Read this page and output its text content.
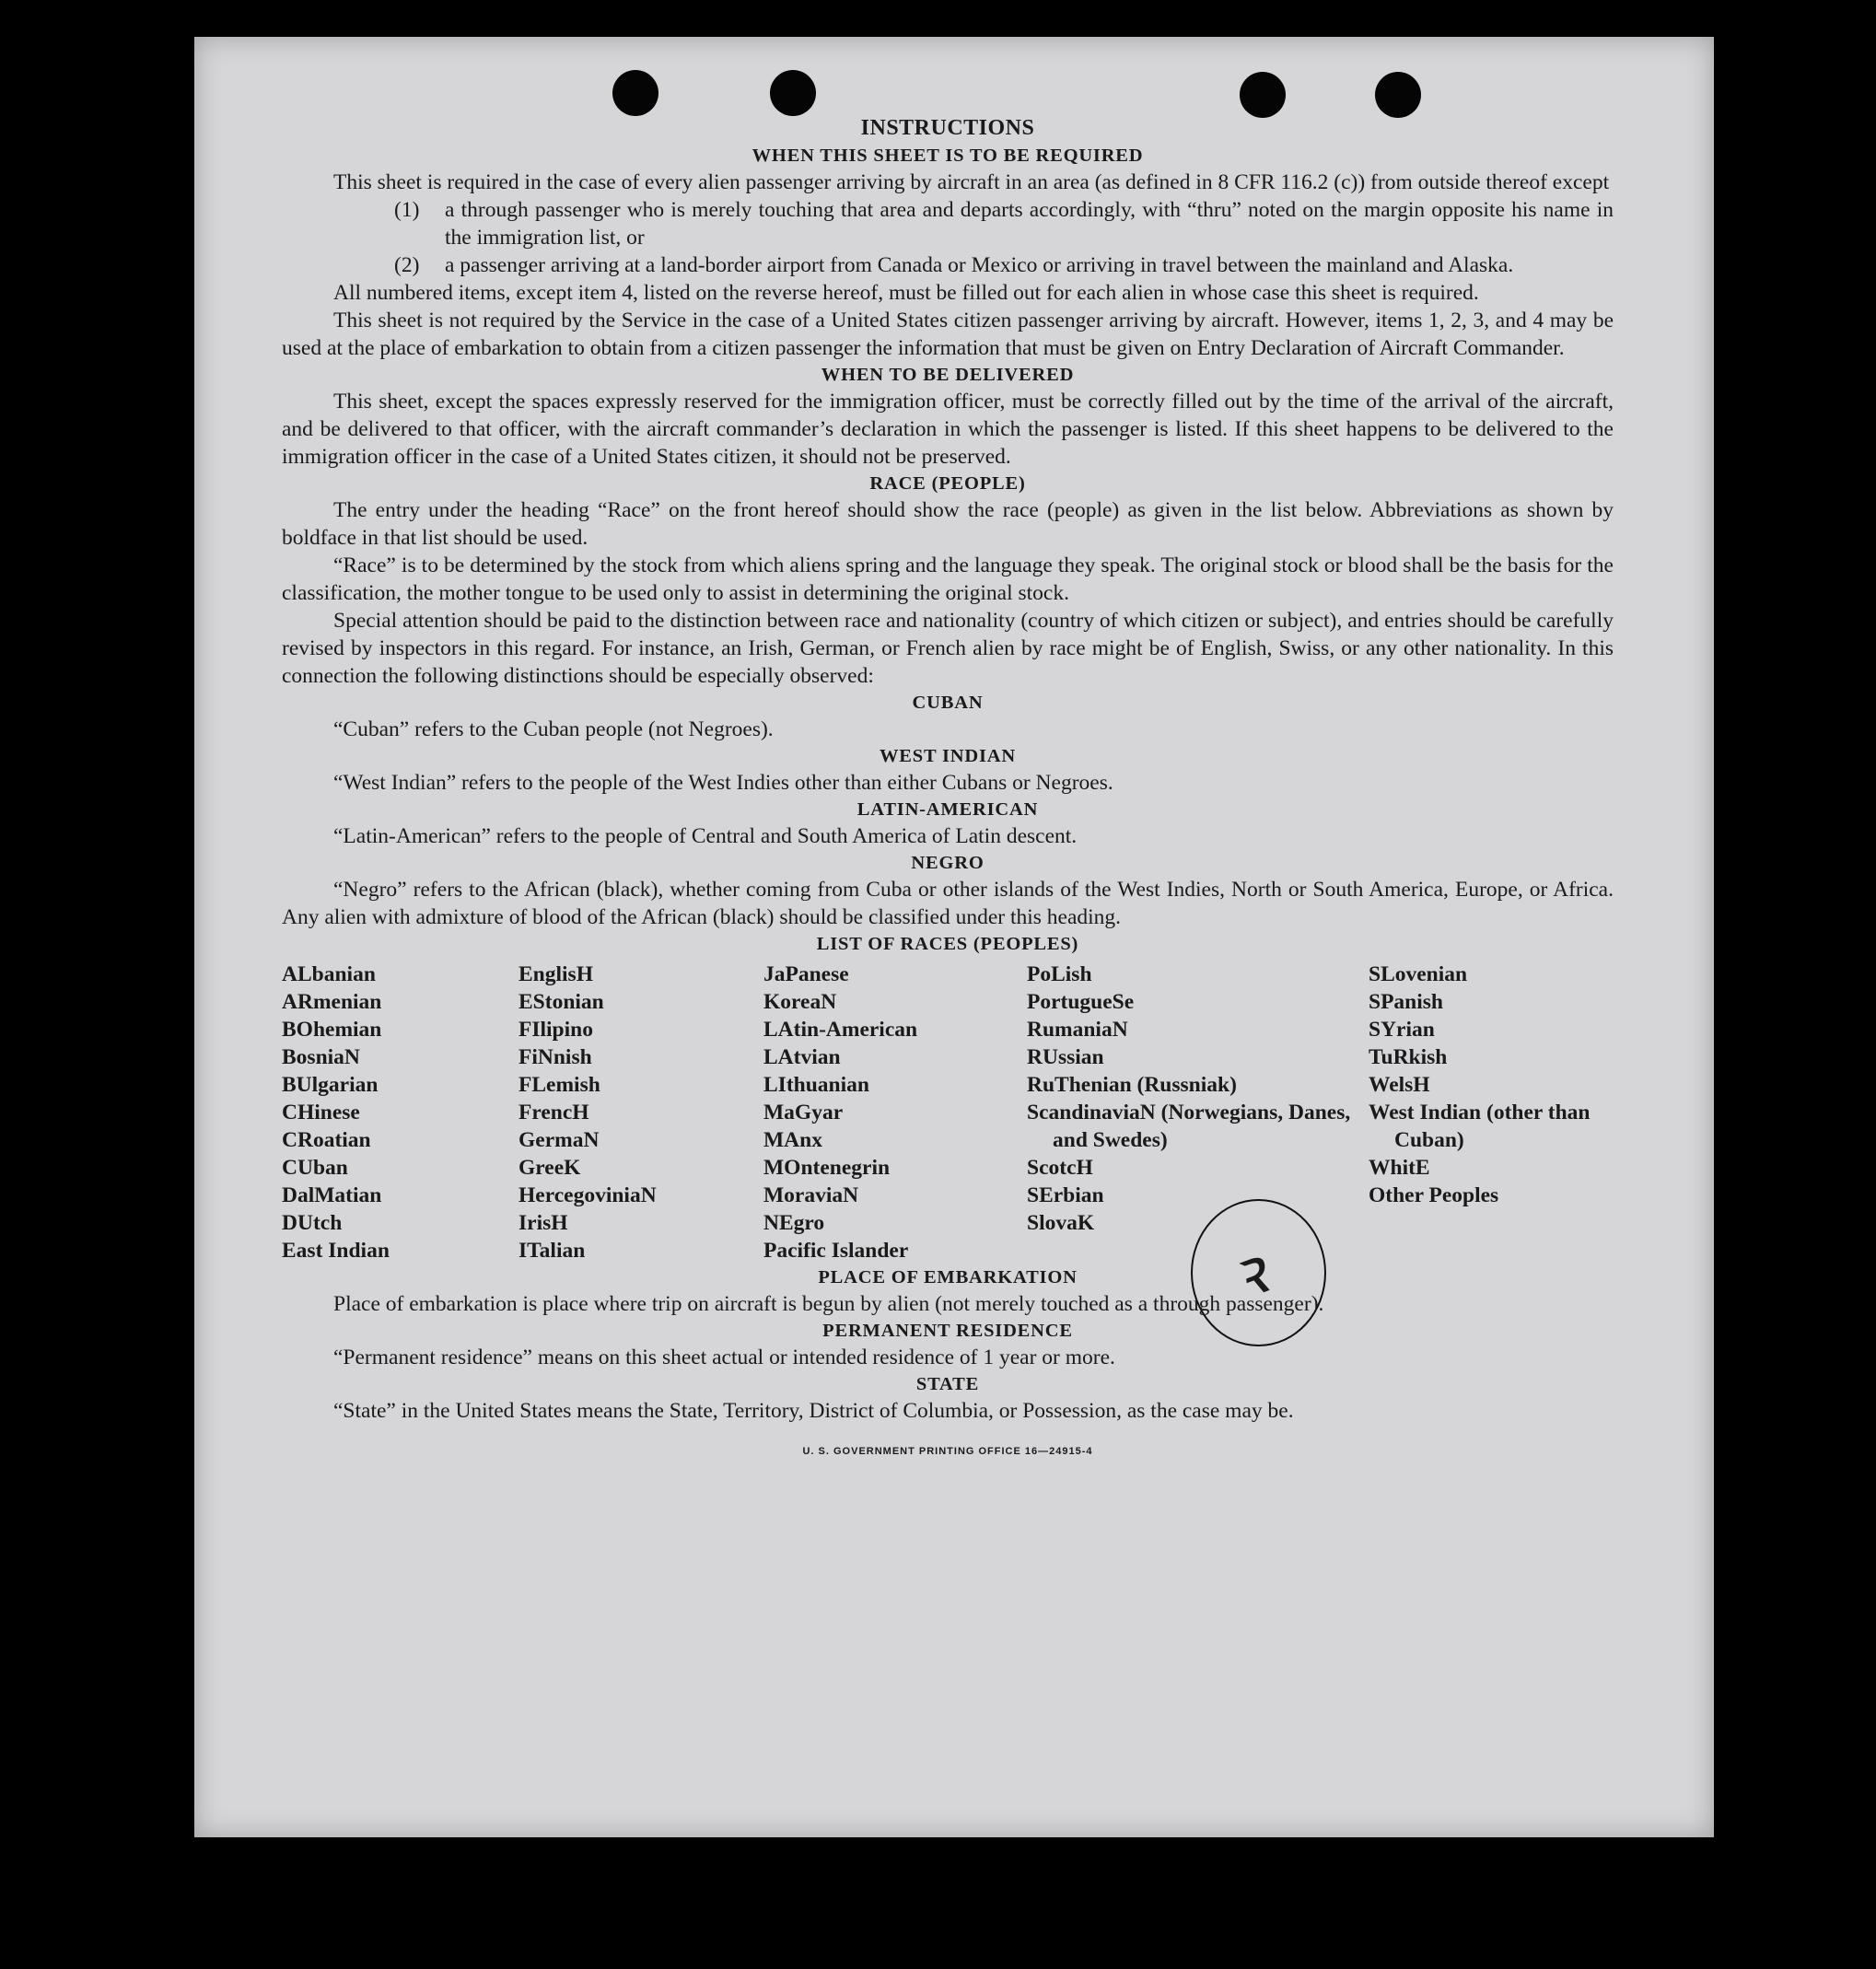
ꝛ
INSTRUCTIONS
WHEN THIS SHEET IS TO BE REQUIRED

This sheet is required in the case of every alien passenger arriving by aircraft in an area (as defined in 8 CFR 116.2 (c)) from outside thereof except

(1) a through passenger who is merely touching that area and departs accordingly, with “thru” noted on the margin opposite his name in the immigration list, or

(2) a passenger arriving at a land-border airport from Canada or Mexico or arriving in travel between the mainland and Alaska.

All numbered items, except item 4, listed on the reverse hereof, must be filled out for each alien in whose case this sheet is required.

This sheet is not required by the Service in the case of a United States citizen passenger arriving by aircraft. However, items 1, 2, 3, and 4 may be used at the place of embarkation to obtain from a citizen passenger the information that must be given on Entry Declaration of Aircraft Commander.

WHEN TO BE DELIVERED

This sheet, except the spaces expressly reserved for the immigration officer, must be correctly filled out by the time of the arrival of the aircraft, and be delivered to that officer, with the aircraft commander’s declaration in which the passenger is listed. If this sheet happens to be delivered to the immigration officer in the case of a United States citizen, it should not be preserved.

RACE (PEOPLE)

The entry under the heading “Race” on the front hereof should show the race (people) as given in the list below. Abbreviations as shown by boldface in that list should be used.

“Race” is to be determined by the stock from which aliens spring and the language they speak. The original stock or blood shall be the basis for the classification, the mother tongue to be used only to assist in determining the original stock.

Special attention should be paid to the distinction between race and nationality (country of which citizen or subject), and entries should be carefully revised by inspectors in this regard. For instance, an Irish, German, or French alien by race might be of English, Swiss, or any other nationality. In this connection the following distinctions should be especially observed:

CUBAN

“Cuban” refers to the Cuban people (not Negroes).

WEST INDIAN

“West Indian” refers to the people of the West Indies other than either Cubans or Negroes.

LATIN-AMERICAN

“Latin-American” refers to the people of Central and South America of Latin descent.

NEGRO

“Negro” refers to the African (black), whether coming from Cuba or other islands of the West Indies, North or South America, Europe, or Africa. Any alien with admixture of blood of the African (black) should be classified under this heading.

LIST OF RACES (PEOPLES)
ALbanian
ARmenian
BOhemian
BosniaN
BUlgarian
CHinese
CRoatian
CUban
DalMatian
DUtch
East Indian
EnglisH
EStonian
FIlipino
FiNnish
FLemish
FrencH
GermaN
GreeK
HercegoviniaN
IrisH
ITalian
JaPanese
KoreaN
LAtin-American
LAtvian
LIthuanian
MaGyar
MAnx
MOntenegrin
MoraviaN
NEgro
Pacific Islander
PoLish
PortugueSe
RumaniaN
RUssian
RuThenian (Russniak)
ScandinaviaN (Norwegians, Danes, and Swedes)
ScotcH
SErbian
SlovaK
SLovenian
SPanish
SYrian
TuRkish
WelsH
West Indian (other than Cuban)
WhitE
Other Peoples
PLACE OF EMBARKATION

Place of embarkation is place where trip on aircraft is begun by alien (not merely touched as a through passenger).

PERMANENT RESIDENCE

“Permanent residence” means on this sheet actual or intended residence of 1 year or more.

STATE

“State” in the United States means the State, Territory, District of Columbia, or Possession, as the case may be.

U. S. GOVERNMENT PRINTING OFFICE 16—24915-4
